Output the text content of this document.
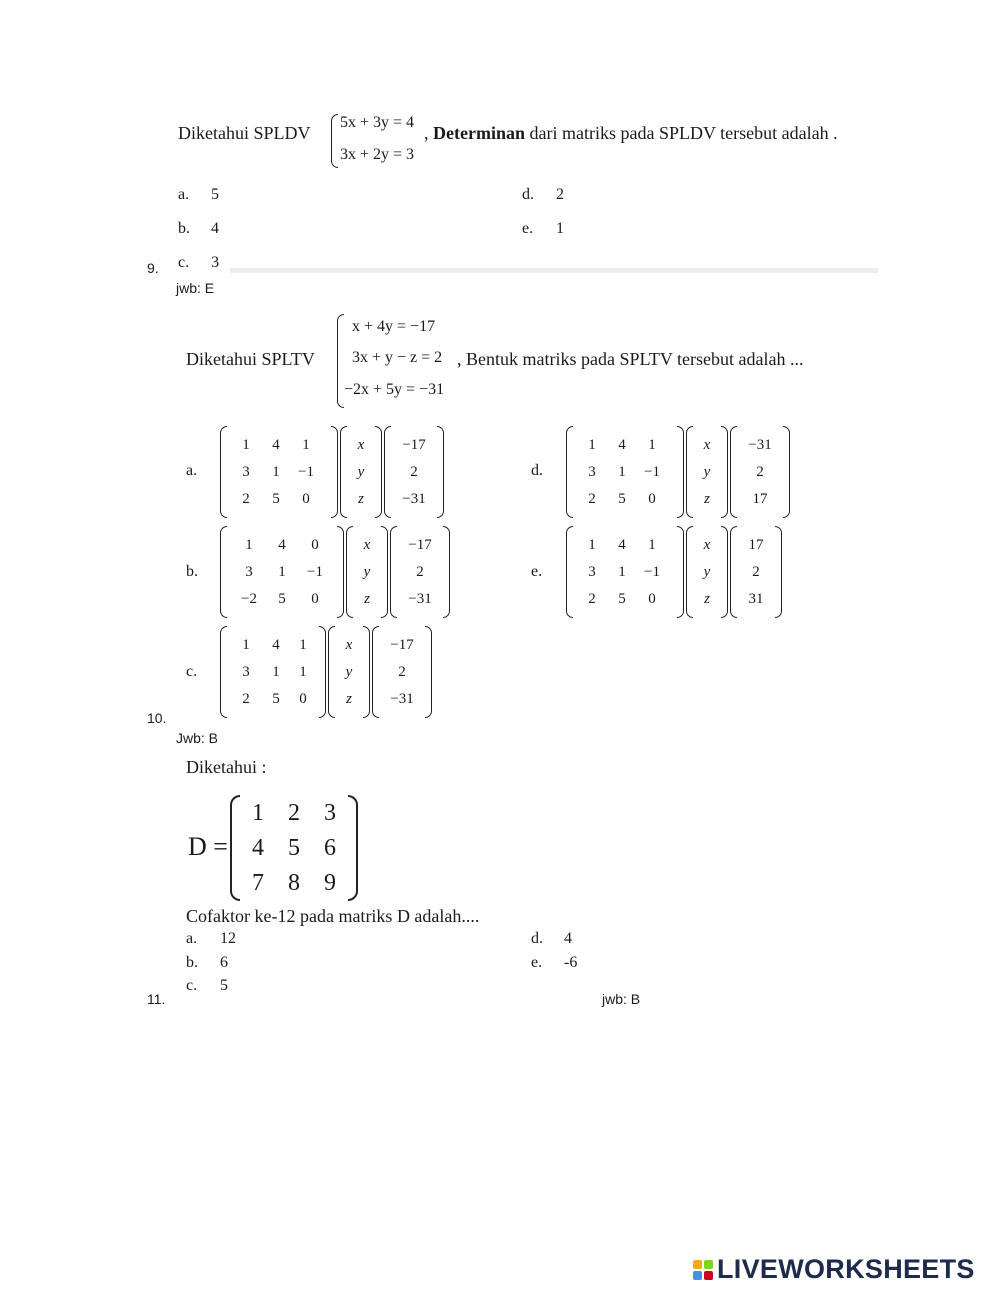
Diketahui SPLDV
5x + 3y = 4
3x + 2y = 3
, Determinan dari matriks pada SPLDV tersebut adalah .
a. 5
b. 4
c. 3
d. 2
e. 1
9.
jwb: E
Diketahui SPLTV
x + 4y = −17
3x + y − z = 2
−2x + 5y = −31
, Bentuk matriks pada SPLTV tersebut adalah ...
a.
1	4	1
3	1	−1
2	5	0
x
y
z
−17
2
−31
b.
1	4	0
3	1	−1
−2	5	0
x
y
z
−17
2
−31
c.
1	4	1
3	1	1
2	5	0
x
y
z
−17
2
−31
d.
1	4	1
3	1	−1
2	5	0
x
y
z
−31
2
17
e.
1	4	1
3	1	−1
2	5	0
x
y
z
17
2
31
10.
Jwb: B
Diketahui :
D =
1	2	3
4	5	6
7	8	9
Cofaktor ke-12 pada matriks D adalah....
a. 12
b. 6
c. 5
d. 4
e. -6
11.	jwb: B
LIVEWORKSHEETS
